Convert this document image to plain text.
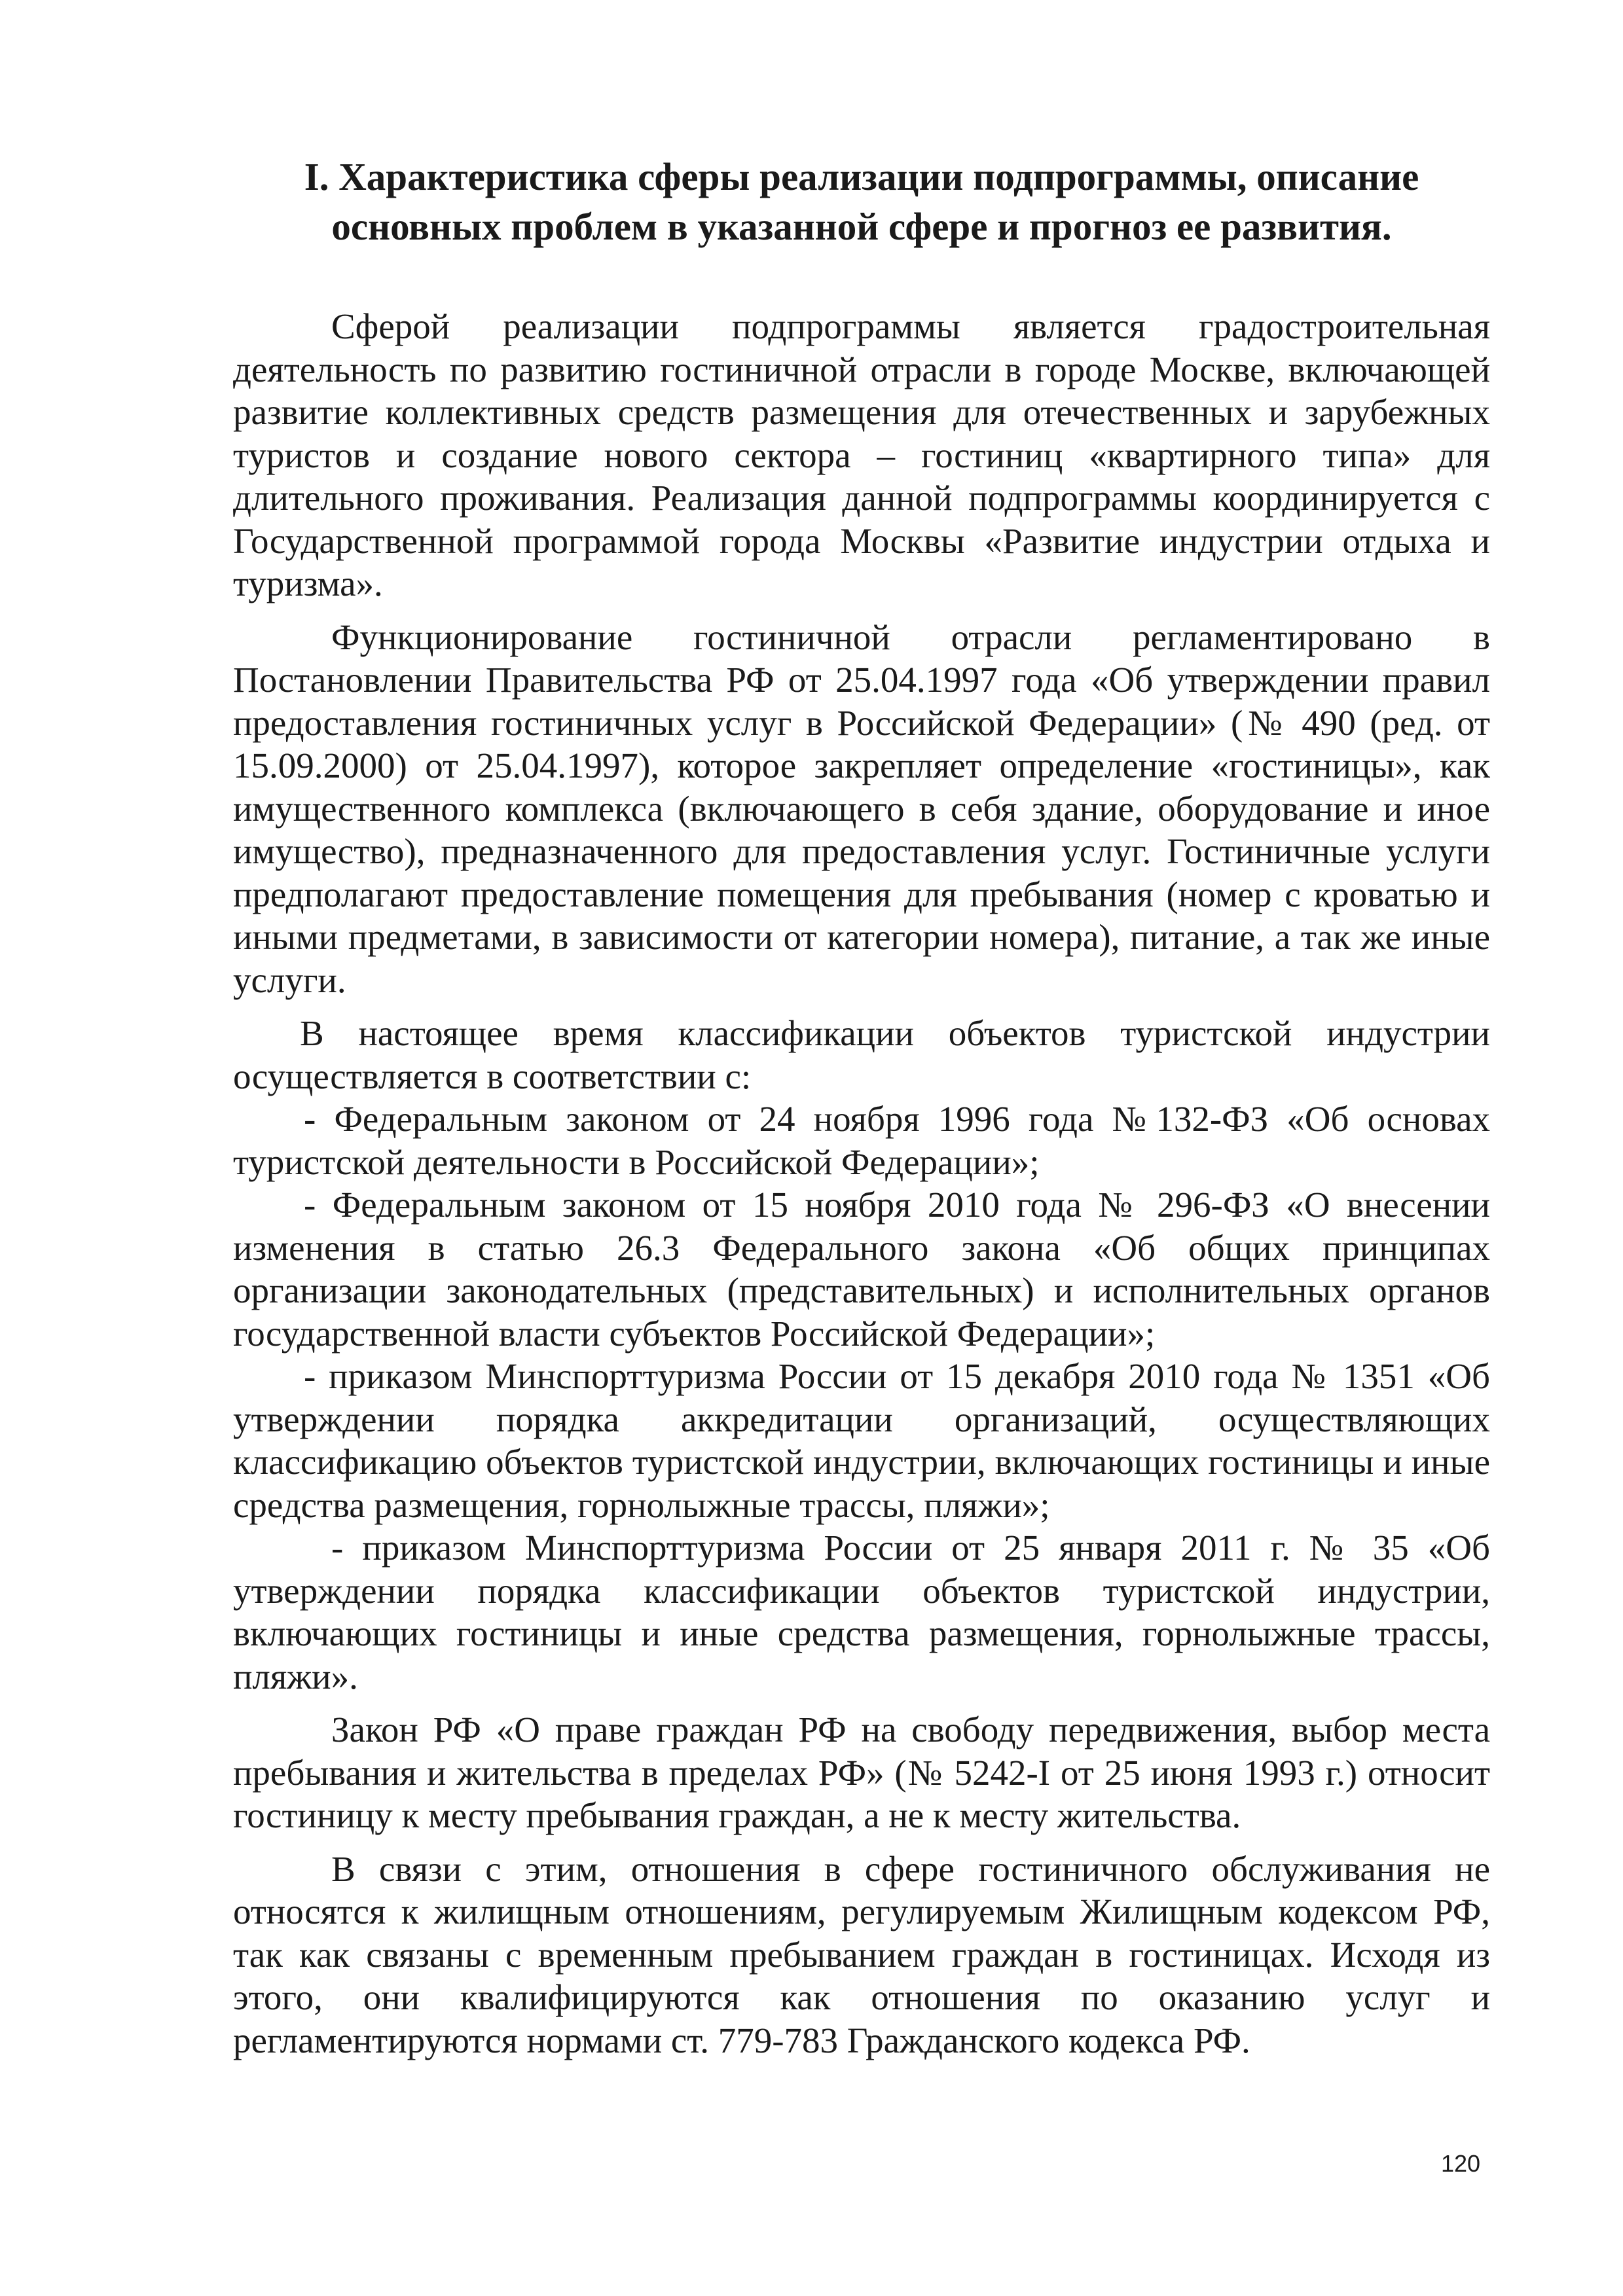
I. Характеристика сферы реализации подпрограммы, описание
основных проблем в указанной сфере и прогноз ее развития.

Сферой реализации подпрограммы является градостроительная деятельность по развитию гостиничной отрасли в городе Москве, включающей развитие коллективных средств размещения для отечественных и зарубежных туристов и создание нового сектора – гостиниц «квартирного типа» для длительного проживания. Реализация данной подпрограммы координируется с Государственной программой города Москвы «Развитие индустрии отдыха и туризма».

Функционирование гостиничной отрасли регламентировано в Постановлении Правительства РФ от 25.04.1997 года «Об утверждении правил предоставления гостиничных услуг в Российской Федерации» (№ 490 (ред. от 15.09.2000) от 25.04.1997), которое закрепляет определение «гостиницы», как имущественного комплекса (включающего в себя здание, оборудование и иное имущество), предназначенного для предоставления услуг. Гостиничные услуги предполагают предоставление помещения для пребывания (номер с кроватью и иными предметами, в зависимости от категории номера), питание, а так же иные услуги.

В настоящее время классификации объектов туристской индустрии осуществляется в соответствии с:

- Федеральным законом от 24 ноября 1996 года №132-ФЗ «Об основах туристской деятельности в Российской Федерации»;

- Федеральным законом от 15 ноября 2010 года № 296-ФЗ «О внесении изменения в статью 26.3 Федерального закона «Об общих принципах организации законодательных (представительных) и исполнительных органов государственной власти субъектов Российской Федерации»;

- приказом Минспорттуризма России от 15 декабря 2010 года № 1351 «Об утверждении порядка аккредитации организаций, осуществляющих классификацию объектов туристской индустрии, включающих гостиницы и иные средства размещения, горнолыжные трассы, пляжи»;

- приказом Минспорттуризма России от 25 января 2011 г. № 35 «Об утверждении порядка классификации объектов туристской индустрии, включающих гостиницы и иные средства размещения, горнолыжные трассы, пляжи».

Закон РФ «О праве граждан РФ на свободу передвижения, выбор места пребывания и жительства в пределах РФ» (№ 5242-I от 25 июня 1993 г.) относит гостиницу к месту пребывания граждан, а не к месту жительства.

В связи с этим, отношения в сфере гостиничного обслуживания не относятся к жилищным отношениям, регулируемым Жилищным кодексом РФ, так как связаны с временным пребыванием граждан в гостиницах. Исходя из этого, они квалифицируются как отношения по оказанию услуг и регламентируются нормами ст. 779-783 Гражданского кодекса РФ.

120
